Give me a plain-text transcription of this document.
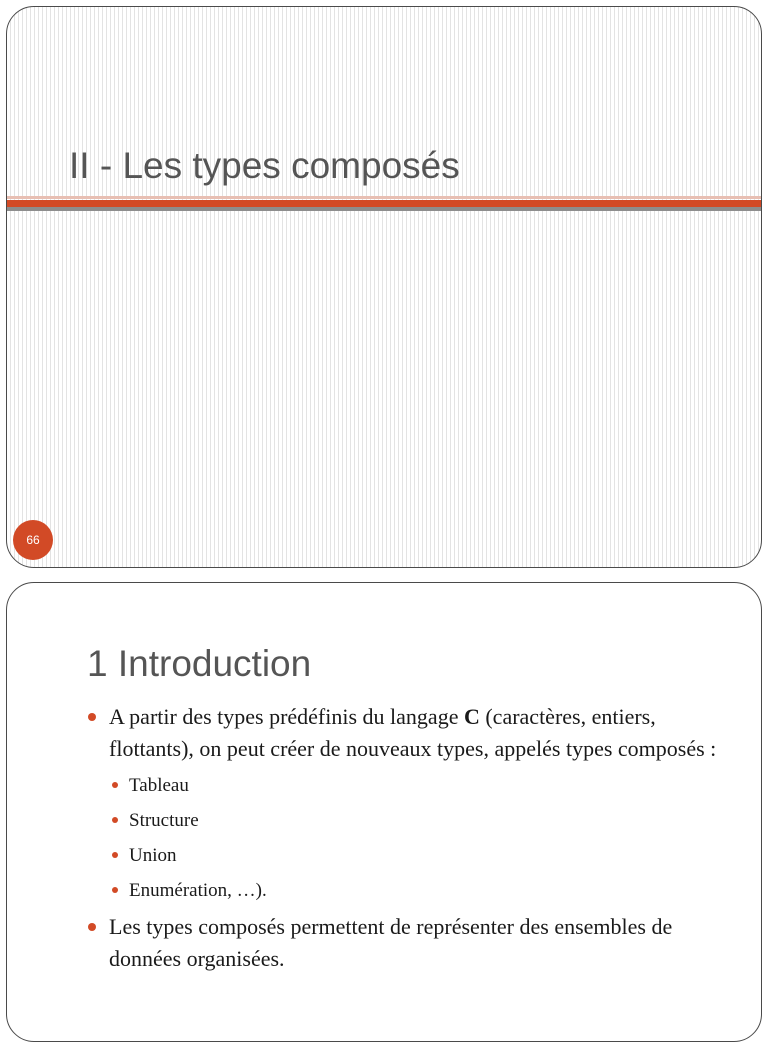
II - Les types composés
66
1 Introduction
A partir des types prédéfinis du langage C (caractères, entiers, flottants), on peut créer de nouveaux types, appelés types composés :
Tableau
Structure
Union
Enumération, …).
Les types composés permettent de représenter des ensembles de données organisées.
